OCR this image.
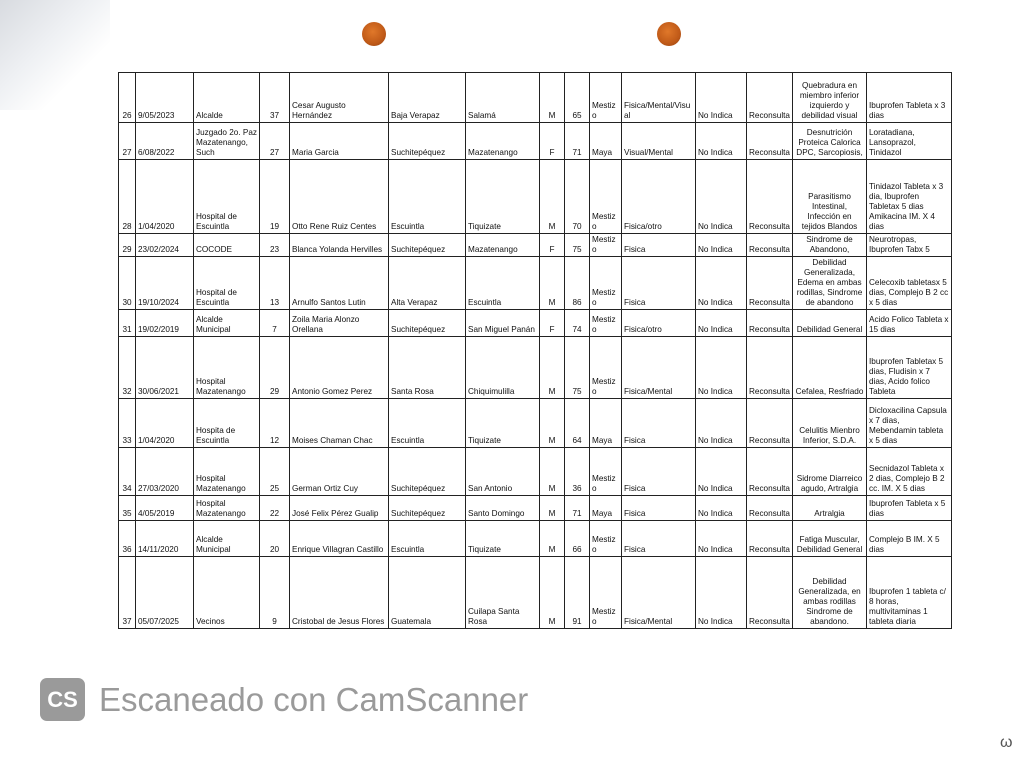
26	9/05/2023	Alcalde	37	Cesar Augusto Hernández	Baja Verapaz	Salamá	M	65	Mestizo	Fisica/Mental/Visual	No Indica	Reconsulta	Quebradura en miembro inferior izquierdo y debilidad visual	Ibuprofen Tableta x 3 dias
27	6/08/2022	Juzgado 2o. Paz Mazatenango, Such	27	Maria Garcia	Suchitepéquez	Mazatenango	F	71	Maya	Visual/Mental	No Indica	Reconsulta	Desnutrición Proteica Calorica DPC, Sarcopiosis,	Loratadiana, Lansoprazol, Tinidazol
28	1/04/2020	Hospital de Escuintla	19	Otto Rene Ruiz Centes	Escuintla	Tiquizate	M	70	Mestizo	Fisica/otro	No Indica	Reconsulta	Parasitismo Intestinal, Infección en tejidos Blandos	Tinidazol Tableta x 3 dia, Ibuprofen Tabletax 5 dias Amikacina IM. X 4 dias
29	23/02/2024	COCODE	23	Blanca Yolanda Hervilles	Suchitepéquez	Mazatenango	F	75	Mestizo	Fisica	No Indica	Reconsulta	Sindrome de Abandono,	Neurotropas, Ibuprofen Tabx 5
30	19/10/2024	Hospital de Escuintla	13	Arnulfo Santos Lutin	Alta Verapaz	Escuintla	M	86	Mestizo	Fisica	No Indica	Reconsulta	Debilidad Generalizada, Edema en ambas rodillas, Sindrome de abandono	Celecoxib tabletasx 5 dias, Complejo B 2 cc x 5 dias
31	19/02/2019	Alcalde Municipal	7	Zoila Maria Alonzo Orellana	Suchitepéquez	San Miguel Panán	F	74	Mestizo	Fisica/otro	No Indica	Reconsulta	Debilidad General	Acido Folico Tableta x 15 dias
32	30/06/2021	Hospital Mazatenango	29	Antonio Gomez Perez	Santa Rosa	Chiquimulilla	M	75	Mestizo	Fisica/Mental	No Indica	Reconsulta	Cefalea, Resfriado	Ibuprofen Tabletax 5 dias, Fludisin x 7 dias, Acido folico Tableta
33	1/04/2020	Hospita de Escuintla	12	Moises Chaman Chac	Escuintla	Tiquizate	M	64	Maya	Fisica	No Indica	Reconsulta	Celulitis Mienbro Inferior, S.D.A.	Dicloxacilina Capsula x 7 dias, Mebendamin tableta x 5 dias
34	27/03/2020	Hospital Mazatenango	25	German Ortiz Cuy	Suchitepéquez	San Antonio	M	36	Mestizo	Fisica	No Indica	Reconsulta	Sidrome Diarreico agudo, Artralgia	Secnidazol Tableta x 2 dias, Complejo B 2 cc. IM. X 5 dias
35	4/05/2019	Hospital Mazatenango	22	José Felix Pérez Gualip	Suchitepéquez	Santo Domingo	M	71	Maya	Fisica	No Indica	Reconsulta	Artralgia	Ibuprofen Tableta x 5 dias
36	14/11/2020	Alcalde Municipal	20	Enrique Villagran Castillo	Escuintla	Tiquizate	M	66	Mestizo	Fisica	No Indica	Reconsulta	Fatiga Muscular, Debilidad General	Complejo B IM. X 5 dias
37	05/07/2025	Vecinos	9	Cristobal de Jesus Flores	Guatemala	Cuilapa Santa Rosa	M	91	Mestizo	Fisica/Mental	No Indica	Reconsulta	Debilidad Generalizada, en ambas rodillas Sindrome de abandono.	Ibuprofen 1 tableta c/ 8 horas, multivitaminas 1 tableta diaria
CS Escaneado con CamScanner
ω
